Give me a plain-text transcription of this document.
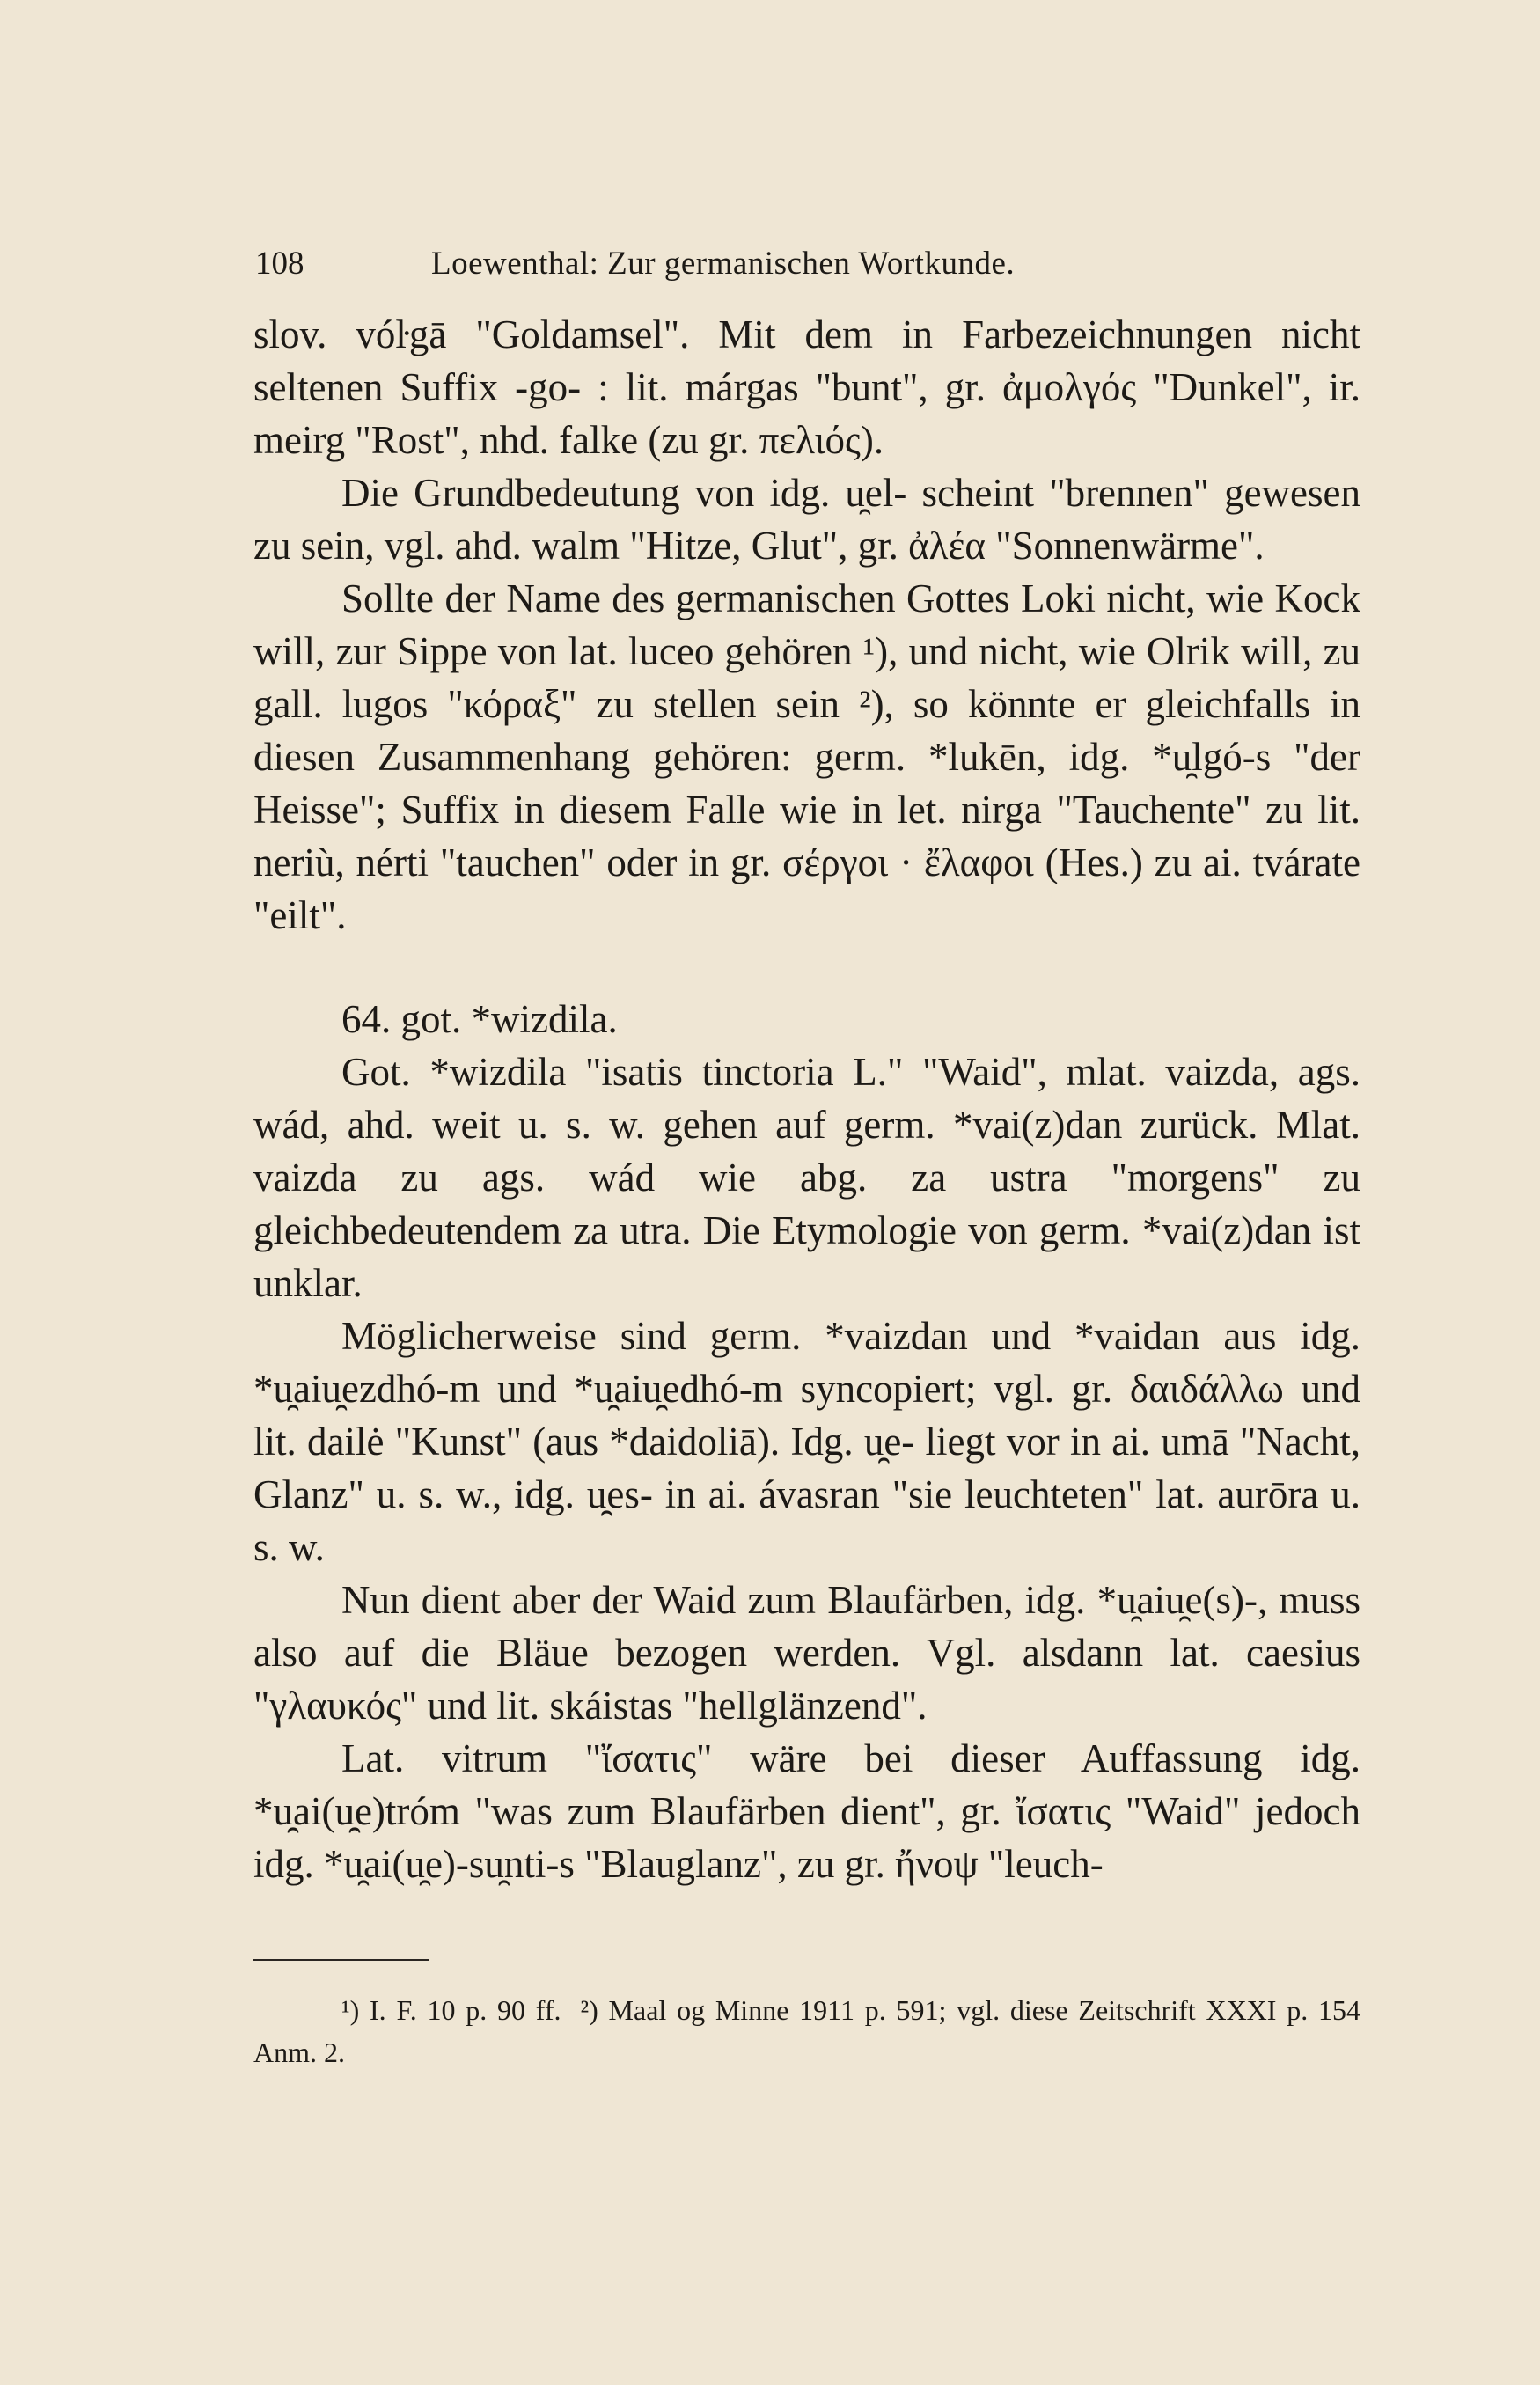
108	Loewenthal: Zur germanischen Wortkunde.

slov. vóŀgā "Goldamsel". Mit dem in Farbezeichnungen nicht seltenen Suffix -go- : lit. márgas "bunt", gr. ἀμολγός "Dunkel", ir. meirg "Rost", nhd. falke (zu gr. πελιός).

Die Grundbedeutung von idg. u̯el- scheint "brennen" gewesen zu sein, vgl. ahd. walm "Hitze, Glut", gr. ἀλέα "Sonnenwärme".

Sollte der Name des germanischen Gottes Loki nicht, wie Kock will, zur Sippe von lat. luceo gehören ¹), und nicht, wie Olrik will, zu gall. lugos "κόραξ" zu stellen sein ²), so könnte er gleichfalls in diesen Zusammenhang gehören: germ. *lukēn, idg. *u̯lgó-s "der Heisse"; Suffix in diesem Falle wie in let. nirga "Tauchente" zu lit. neriù, nérti "tauchen" oder in gr. σέργοι · ἔλαφοι (Hes.) zu ai. tvárate "eilt".

64. got. *wizdila.

Got. *wizdila "isatis tinctoria L." "Waid", mlat. vaizda, ags. wád, ahd. weit u. s. w. gehen auf germ. *vai(z)dan zurück. Mlat. vaizda zu ags. wád wie abg. za ustra "morgens" zu gleichbedeutendem za utra. Die Etymologie von germ. *vai(z)dan ist unklar.

Möglicherweise sind germ. *vaizdan und *vaidan aus idg. *u̯aiu̯ezdhó-m und *u̯aiu̯edhó-m syncopiert; vgl. gr. δαιδάλλω und lit. dailė "Kunst" (aus *daidoliā). Idg. u̯e- liegt vor in ai. umā "Nacht, Glanz" u. s. w., idg. u̯es- in ai. ávasran "sie leuchteten" lat. aurōra u. s. w.

Nun dient aber der Waid zum Blaufärben, idg. *u̯aiu̯e(s)-, muss also auf die Bläue bezogen werden. Vgl. alsdann lat. caesius "γλαυκός" und lit. skáistas "hellglänzend".

Lat. vitrum "ἴσατις" wäre bei dieser Auffassung idg. *u̯ai(u̯e)tróm "was zum Blaufärben dient", gr. ἴσατις "Waid" jedoch idg. *u̯ai(u̯e)-su̯nti-s "Blauglanz", zu gr. ἤνοψ "leuch-

¹) I. F. 10 p. 90 ff. ²) Maal og Minne 1911 p. 591; vgl. diese Zeitschrift XXXI p. 154 Anm. 2.
